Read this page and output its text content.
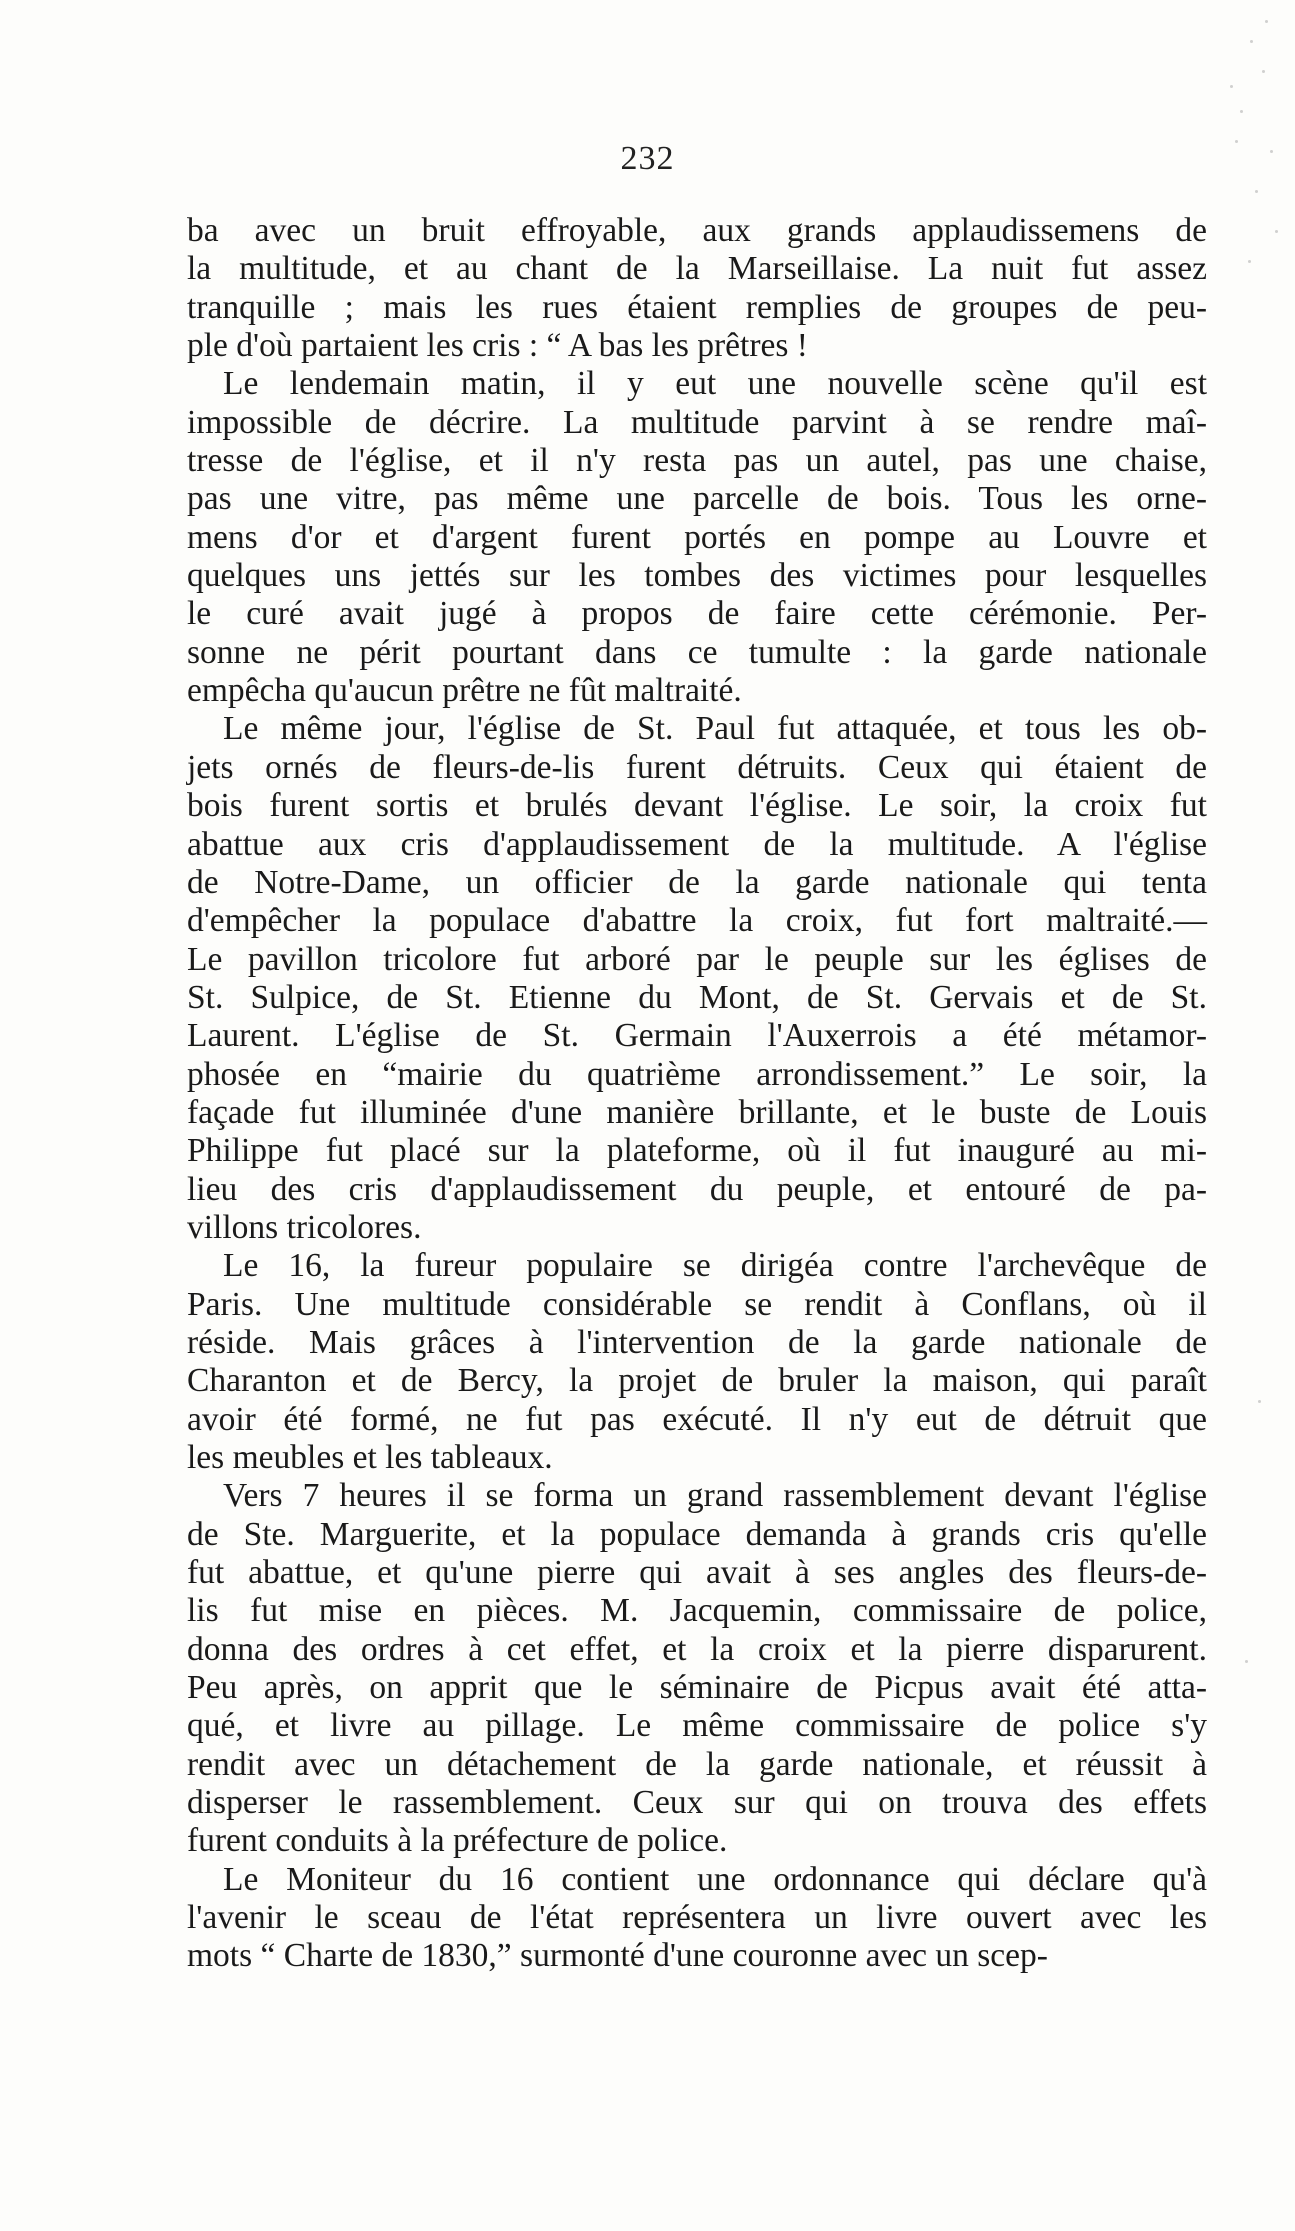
232
ba avec un bruit effroyable, aux grands applaudissemens de
la multitude, et au chant de la Marseillaise. La nuit fut assez
tranquille ; mais les rues étaient remplies de groupes de peu-
ple d'où partaient les cris : “ A bas les prêtres !
Le lendemain matin, il y eut une nouvelle scène qu'il est
impossible de décrire. La multitude parvint à se rendre maî-
tresse de l'église, et il n'y resta pas un autel, pas une chaise,
pas une vitre, pas même une parcelle de bois. Tous les orne-
mens d'or et d'argent furent portés en pompe au Louvre et
quelques uns jettés sur les tombes des victimes pour lesquelles
le curé avait jugé à propos de faire cette cérémonie. Per-
sonne ne périt pourtant dans ce tumulte : la garde nationale
empêcha qu'aucun prêtre ne fût maltraité.
Le même jour, l'église de St. Paul fut attaquée, et tous les ob-
jets ornés de fleurs-de-lis furent détruits. Ceux qui étaient de
bois furent sortis et brulés devant l'église. Le soir, la croix fut
abattue aux cris d'applaudissement de la multitude. A l'église
de Notre-Dame, un officier de la garde nationale qui tenta
d'empêcher la populace d'abattre la croix, fut fort maltraité.—
Le pavillon tricolore fut arboré par le peuple sur les églises de
St. Sulpice, de St. Etienne du Mont, de St. Gervais et de St.
Laurent. L'église de St. Germain l'Auxerrois a été métamor-
phosée en “mairie du quatrième arrondissement.” Le soir, la
façade fut illuminée d'une manière brillante, et le buste de Louis
Philippe fut placé sur la plateforme, où il fut inauguré au mi-
lieu des cris d'applaudissement du peuple, et entouré de pa-
villons tricolores.
Le 16, la fureur populaire se dirigéa contre l'archevêque de
Paris. Une multitude considérable se rendit à Conflans, où il
réside. Mais grâces à l'intervention de la garde nationale de
Charanton et de Bercy, la projet de bruler la maison, qui paraît
avoir été formé, ne fut pas exécuté. Il n'y eut de détruit que
les meubles et les tableaux.
Vers 7 heures il se forma un grand rassemblement devant l'église
de Ste. Marguerite, et la populace demanda à grands cris qu'elle
fut abattue, et qu'une pierre qui avait à ses angles des fleurs-de-
lis fut mise en pièces. M. Jacquemin, commissaire de police,
donna des ordres à cet effet, et la croix et la pierre disparurent.
Peu après, on apprit que le séminaire de Picpus avait été atta-
qué, et livre au pillage. Le même commissaire de police s'y
rendit avec un détachement de la garde nationale, et réussit à
disperser le rassemblement. Ceux sur qui on trouva des effets
furent conduits à la préfecture de police.
Le Moniteur du 16 contient une ordonnance qui déclare qu'à
l'avenir le sceau de l'état représentera un livre ouvert avec les
mots “ Charte de 1830,” surmonté d'une couronne avec un scep-
